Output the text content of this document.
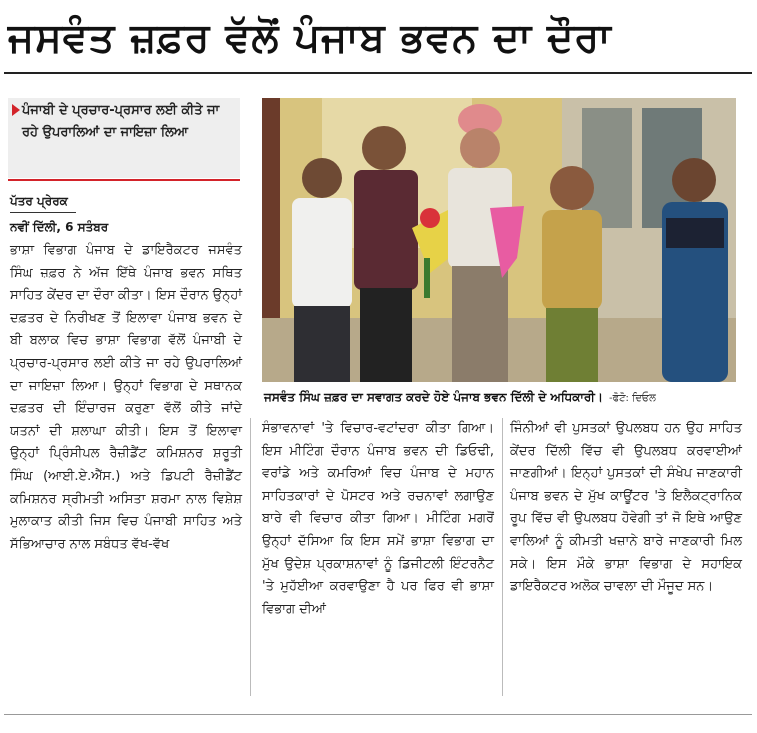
ਜਸਵੰਤ ਜ਼ਫ਼ਰ ਵੱਲੋਂ ਪੰਜਾਬ ਭਵਨ ਦਾ ਦੌਰਾ
ਪੰਜਾਬੀ ਦੇ ਪ੍ਰਚਾਰ-ਪ੍ਰਸਾਰ ਲਈ ਕੀਤੇ ਜਾ ਰਹੇ ਉਪਰਾਲਿਆਂ ਦਾ ਜਾਇਜ਼ਾ ਲਿਆ
ਪੱਤਰ ਪ੍ਰੇਰਕ
ਨਵੀਂ ਦਿੱਲੀ, 6 ਸਤੰਬਰ
ਭਾਸ਼ਾ ਵਿਭਾਗ ਪੰਜਾਬ ਦੇ ਡਾਇਰੈਕਟਰ ਜਸਵੰਤ ਸਿੰਘ ਜ਼ਫ਼ਰ ਨੇ ਅੱਜ ਇੱਥੇ ਪੰਜਾਬ ਭਵਨ ਸਥਿਤ ਸਾਹਿਤ ਕੇਂਦਰ ਦਾ ਦੌਰਾ ਕੀਤਾ। ਇਸ ਦੌਰਾਨ ਉਨ੍ਹਾਂ ਦਫ਼ਤਰ ਦੇ ਨਿਰੀਖਣ ਤੋਂ ਇਲਾਵਾ ਪੰਜਾਬ ਭਵਨ ਦੇ ਬੀ ਬਲਾਕ ਵਿਚ ਭਾਸ਼ਾ ਵਿਭਾਗ ਵੱਲੋਂ ਪੰਜਾਬੀ ਦੇ ਪ੍ਰਚਾਰ-ਪ੍ਰਸਾਰ ਲਈ ਕੀਤੇ ਜਾ ਰਹੇ ਉਪਰਾਲਿਆਂ ਦਾ ਜਾਇਜ਼ਾ ਲਿਆ। ਉਨ੍ਹਾਂ ਵਿਭਾਗ ਦੇ ਸਥਾਨਕ ਦਫ਼ਤਰ ਦੀ ਇੰਚਾਰਜ ਕਰੁਣਾ ਵੱਲੋਂ ਕੀਤੇ ਜਾਂਦੇ ਯਤਨਾਂ ਦੀ ਸ਼ਲਾਘਾ ਕੀਤੀ। ਇਸ ਤੋਂ ਇਲਾਵਾ ਉਨ੍ਹਾਂ ਪ੍ਰਿੰਸੀਪਲ ਰੈਜ਼ੀਡੈਂਟ ਕਮਿਸ਼ਨਰ ਸ਼ਰੂਤੀ ਸਿੰਘ (ਆਈ.ਏ.ਐੱਸ.) ਅਤੇ ਡਿਪਟੀ ਰੈਜ਼ੀਡੈਂਟ ਕਮਿਸ਼ਨਰ ਸ੍ਰੀਮਤੀ ਅਸਿਤਾ ਸ਼ਰਮਾ ਨਾਲ ਵਿਸ਼ੇਸ਼ ਮੁਲਾਕਾਤ ਕੀਤੀ ਜਿਸ ਵਿਚ ਪੰਜਾਬੀ ਸਾਹਿਤ ਅਤੇ ਸੱਭਿਆਚਾਰ ਨਾਲ ਸਬੰਧਤ ਵੱਖ-ਵੱਖ
ਜਸਵੰਤ ਸਿੰਘ ਜ਼ਫ਼ਰ ਦਾ ਸਵਾਗਤ ਕਰਦੇ ਹੋਏ ਪੰਜਾਬ ਭਵਨ ਦਿੱਲੀ ਦੇ ਅਧਿਕਾਰੀ। -ਫੋਟੋ: ਦਿਓਲ
ਸੰਭਾਵਨਾਵਾਂ 'ਤੇ ਵਿਚਾਰ-ਵਟਾਂਦਰਾ ਕੀਤਾ ਗਿਆ। ਇਸ ਮੀਟਿੰਗ ਦੌਰਾਨ ਪੰਜਾਬ ਭਵਨ ਦੀ ਡਿਓਢੀ, ਵਰਾਂਡੇ ਅਤੇ ਕਮਰਿਆਂ ਵਿਚ ਪੰਜਾਬ ਦੇ ਮਹਾਨ ਸਾਹਿਤਕਾਰਾਂ ਦੇ ਪੋਸਟਰ ਅਤੇ ਰਚਨਾਵਾਂ ਲਗਾਉਣ ਬਾਰੇ ਵੀ ਵਿਚਾਰ ਕੀਤਾ ਗਿਆ। ਮੀਟਿੰਗ ਮਗਰੋਂ ਉਨ੍ਹਾਂ ਦੱਸਿਆ ਕਿ ਇਸ ਸਮੇਂ ਭਾਸ਼ਾ ਵਿਭਾਗ ਦਾ ਮੁੱਖ ਉਦੇਸ਼ ਪ੍ਰਕਾਸ਼ਨਾਵਾਂ ਨੂੰ ਡਿਜੀਟਲੀ ਇੰਟਰਨੈਟ 'ਤੇ ਮੁਹੱਈਆ ਕਰਵਾਉਣਾ ਹੈ ਪਰ ਫਿਰ ਵੀ ਭਾਸ਼ਾ ਵਿਭਾਗ ਦੀਆਂ
ਜਿੰਨੀਆਂ ਵੀ ਪੁਸਤਕਾਂ ਉਪਲਬਧ ਹਨ ਉਹ ਸਾਹਿਤ ਕੇਂਦਰ ਦਿੱਲੀ ਵਿੱਚ ਵੀ ਉਪਲਬਧ ਕਰਵਾਈਆਂ ਜਾਣਗੀਆਂ। ਇਨ੍ਹਾਂ ਪੁਸਤਕਾਂ ਦੀ ਸੰਖੇਪ ਜਾਣਕਾਰੀ ਪੰਜਾਬ ਭਵਨ ਦੇ ਮੁੱਖ ਕਾਊਂਟਰ 'ਤੇ ਇਲੈਕਟ੍ਰਾਨਿਕ ਰੂਪ ਵਿੱਚ ਵੀ ਉਪਲਬਧ ਹੋਵੇਗੀ ਤਾਂ ਜੋ ਇਥੇ ਆਉਣ ਵਾਲਿਆਂ ਨੂੰ ਕੀਮਤੀ ਖਜ਼ਾਨੇ ਬਾਰੇ ਜਾਣਕਾਰੀ ਮਿਲ ਸਕੇ। ਇਸ ਮੌਕੇ ਭਾਸ਼ਾ ਵਿਭਾਗ ਦੇ ਸਹਾਇਕ ਡਾਇਰੈਕਟਰ ਅਲੋਕ ਚਾਵਲਾ ਦੀ ਮੌਜੂਦ ਸਨ।
